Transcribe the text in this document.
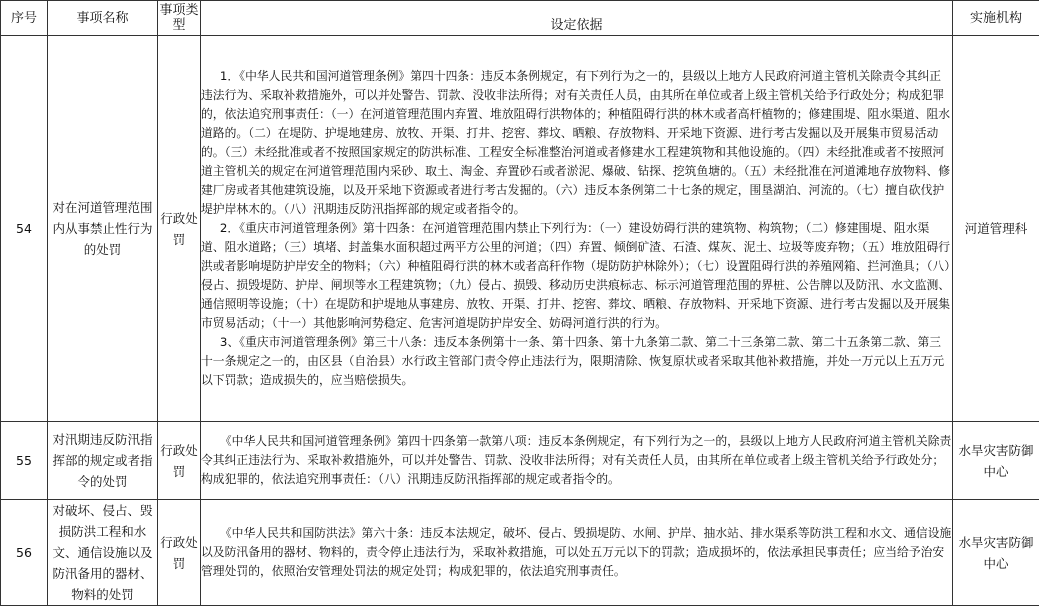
序号	事项名称	事项类型	设定依据	实施机构
54	对在河道管理范围内从事禁止性行为的处罚	行政处罚	1．《中华人民共和国河道管理条例》第四十四条：违反本条例规定，有下列行为之一的，县级以上地方人民政府河道主管机关除责令其纠正违法行为、采取补救措施外，可以并处警告、罚款、没收非法所得；对有关责任人员，由其所在单位或者上级主管机关给予行政处分；构成犯罪的，依法追究刑事责任：（一）在河道管理范围内弃置、堆放阻碍行洪物体的；种植阻碍行洪的林木或者高杆植物的；修建围堤、阻水渠道、阻水道路的。（二）在堤防、护堤地建房、放牧、开渠、打井、挖窖、葬坟、晒粮、存放物料、开采地下资源、进行考古发掘以及开展集市贸易活动的。（三）未经批准或者不按照国家规定的防洪标准、工程安全标准整治河道或者修建水工程建筑物和其他设施的。（四）未经批准或者不按照河道主管机关的规定在河道管理范围内采砂、取土、淘金、弃置砂石或者淤泥、爆破、钻探、挖筑鱼塘的。（五）未经批准在河道滩地存放物料、修建厂房或者其他建筑设施，以及开采地下资源或者进行考古发掘的。（六）违反本条例第二十七条的规定，围垦湖泊、河流的。（七）擅自砍伐护堤护岸林木的。（八）汛期违反防汛指挥部的规定或者指令的。

2．《重庆市河道管理条例》第十四条：在河道管理范围内禁止下列行为：（一）建设妨碍行洪的建筑物、构筑物；（二）修建围堤、阻水渠道、阻水道路；（三）填堵、封盖集水面积超过两平方公里的河道；（四）弃置、倾倒矿渣、石渣、煤灰、泥土、垃圾等废弃物；（五）堆放阻碍行洪或者影响堤防护岸安全的物料；（六）种植阻碍行洪的林木或者高秆作物（堤防防护林除外）；（七）设置阻碍行洪的养殖网箱、拦河渔具；（八）侵占、损毁堤防、护岸、闸坝等水工程建筑物；（九）侵占、损毁、移动历史洪痕标志、标示河道管理范围的界桩、公告牌以及防汛、水文监测、通信照明等设施；（十）在堤防和护堤地从事建房、放牧、开渠、打井、挖窖、葬坟、晒粮、存放物料、开采地下资源、进行考古发掘以及开展集市贸易活动；（十一）其他影响河势稳定、危害河道堤防护岸安全、妨碍河道行洪的行为。

3、《重庆市河道管理条例》第三十八条：违反本条例第十一条、第十四条、第十九条第二款、第二十三条第二款、第二十五条第二款、第三十一条规定之一的，由区县（自治县）水行政主管部门责令停止违法行为，限期清除、恢复原状或者采取其他补救措施，并处一万元以上五万元以下罚款；造成损失的，应当赔偿损失。	河道管理科
55	对汛期违反防汛指挥部的规定或者指令的处罚	行政处罚	《中华人民共和国河道管理条例》第四十四条第一款第八项：违反本条例规定，有下列行为之一的，县级以上地方人民政府河道主管机关除责令其纠正违法行为、采取补救措施外，可以并处警告、罚款、没收非法所得；对有关责任人员，由其所在单位或者上级主管机关给予行政处分；构成犯罪的，依法追究刑事责任：（八）汛期违反防汛指挥部的规定或者指令的。	水旱灾害防御中心
56	对破坏、侵占、毁损防洪工程和水文、通信设施以及防汛备用的器材、物料的处罚	行政处罚	《中华人民共和国防洪法》第六十条：违反本法规定，破坏、侵占、毁损堤防、水闸、护岸、抽水站、排水渠系等防洪工程和水文、通信设施以及防汛备用的器材、物料的，责令停止违法行为，采取补救措施，可以处五万元以下的罚款；造成损坏的，依法承担民事责任；应当给予治安管理处罚的，依照治安管理处罚法的规定处罚；构成犯罪的，依法追究刑事责任。	水旱灾害防御中心
